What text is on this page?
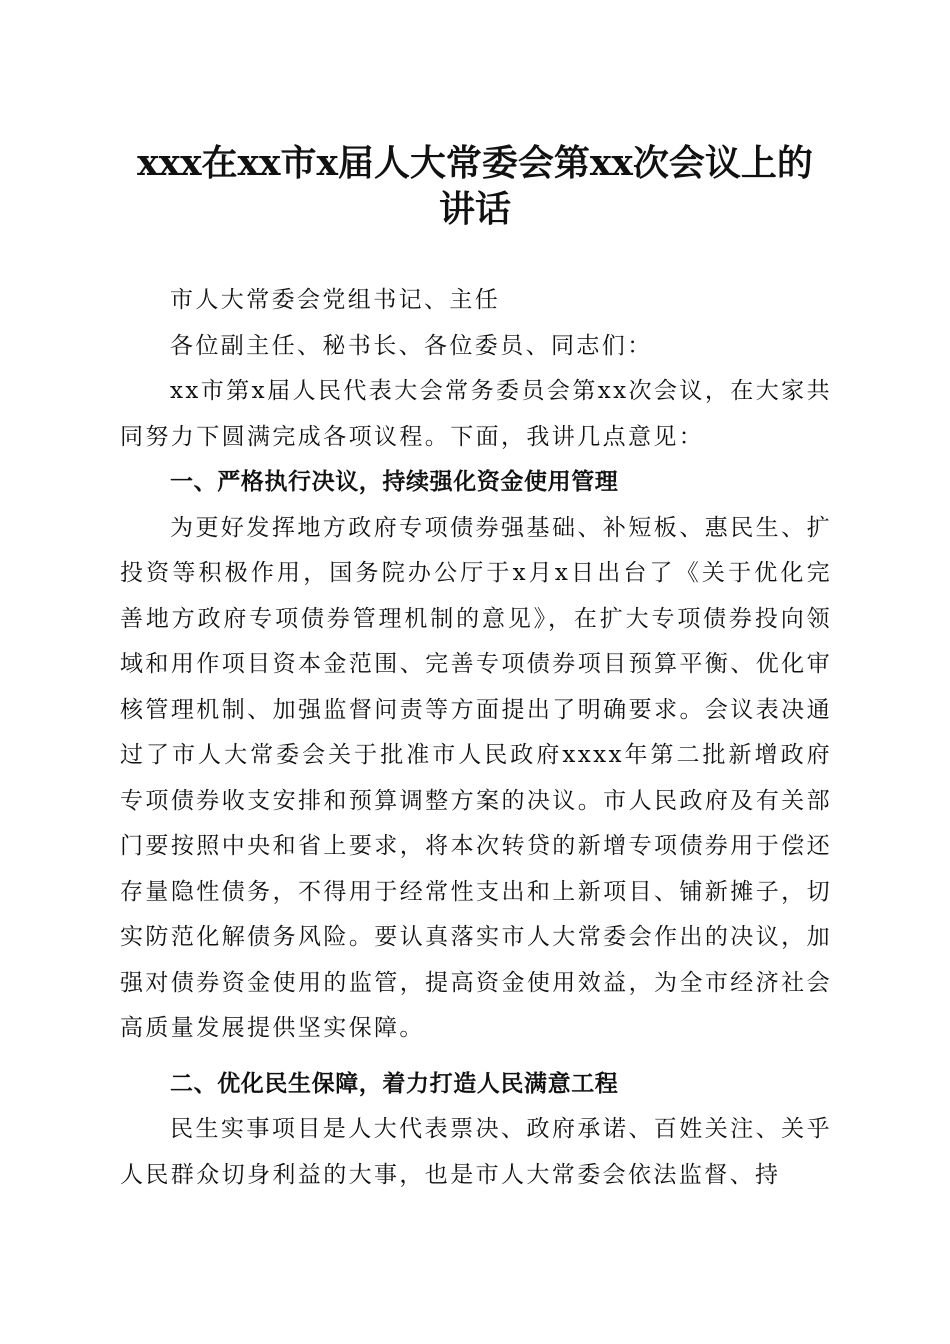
xxx在xx市x届人大常委会第xx次会议上的
讲话

市人大常委会党组书记、主任

各位副主任、秘书长、各位委员、同志们：

xx市第x届人民代表大会常务委员会第xx次会议，在大家共同努力下圆满完成各项议程。下面，我讲几点意见：

一、严格执行决议，持续强化资金使用管理

为更好发挥地方政府专项债券强基础、补短板、惠民生、扩投资等积极作用，国务院办公厅于x月x日出台了《关于优化完善地方政府专项债券管理机制的意见》，在扩大专项债券投向领域和用作项目资本金范围、完善专项债券项目预算平衡、优化审核管理机制、加强监督问责等方面提出了明确要求。会议表决通过了市人大常委会关于批准市人民政府xxxx年第二批新增政府专项债券收支安排和预算调整方案的决议。市人民政府及有关部门要按照中央和省上要求，将本次转贷的新增专项债券用于偿还存量隐性债务，不得用于经常性支出和上新项目、铺新摊子，切实防范化解债务风险。要认真落实市人大常委会作出的决议，加强对债券资金使用的监管，提高资金使用效益，为全市经济社会高质量发展提供坚实保障。

二、优化民生保障，着力打造人民满意工程

民生实事项目是人大代表票决、政府承诺、百姓关注、关乎人民群众切身利益的大事，也是市人大常委会依法监督、持
